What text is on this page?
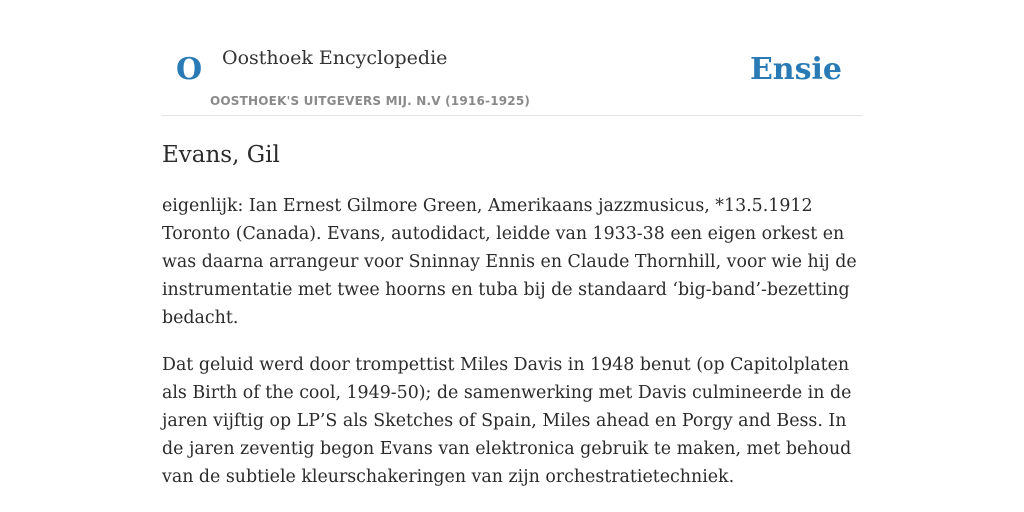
O Oosthoek Encyclopedie
OOSTHOEK'S UITGEVERS MIJ. N.V (1916-1925)
Ensie
Evans, Gil

eigenlijk: Ian Ernest Gilmore Green, Amerikaans jazzmusicus, *13.5.1912 Toronto (Canada). Evans, autodidact, leidde van 1933-38 een eigen orkest en was daarna arrangeur voor Sninnay Ennis en Claude Thornhill, voor wie hij de instrumentatie met twee hoorns en tuba bij de standaard ‘big-band’-bezetting bedacht.

Dat geluid werd door trompettist Miles Davis in 1948 benut (op Capitolplaten als Birth of the cool, 1949-50); de samenwerking met Davis culmineerde in de jaren vijftig op LP’S als Sketches of Spain, Miles ahead en Porgy and Bess. In de jaren zeventig begon Evans van elektronica gebruik te maken, met behoud van de subtiele kleurschakeringen van zijn orchestratietechniek.
